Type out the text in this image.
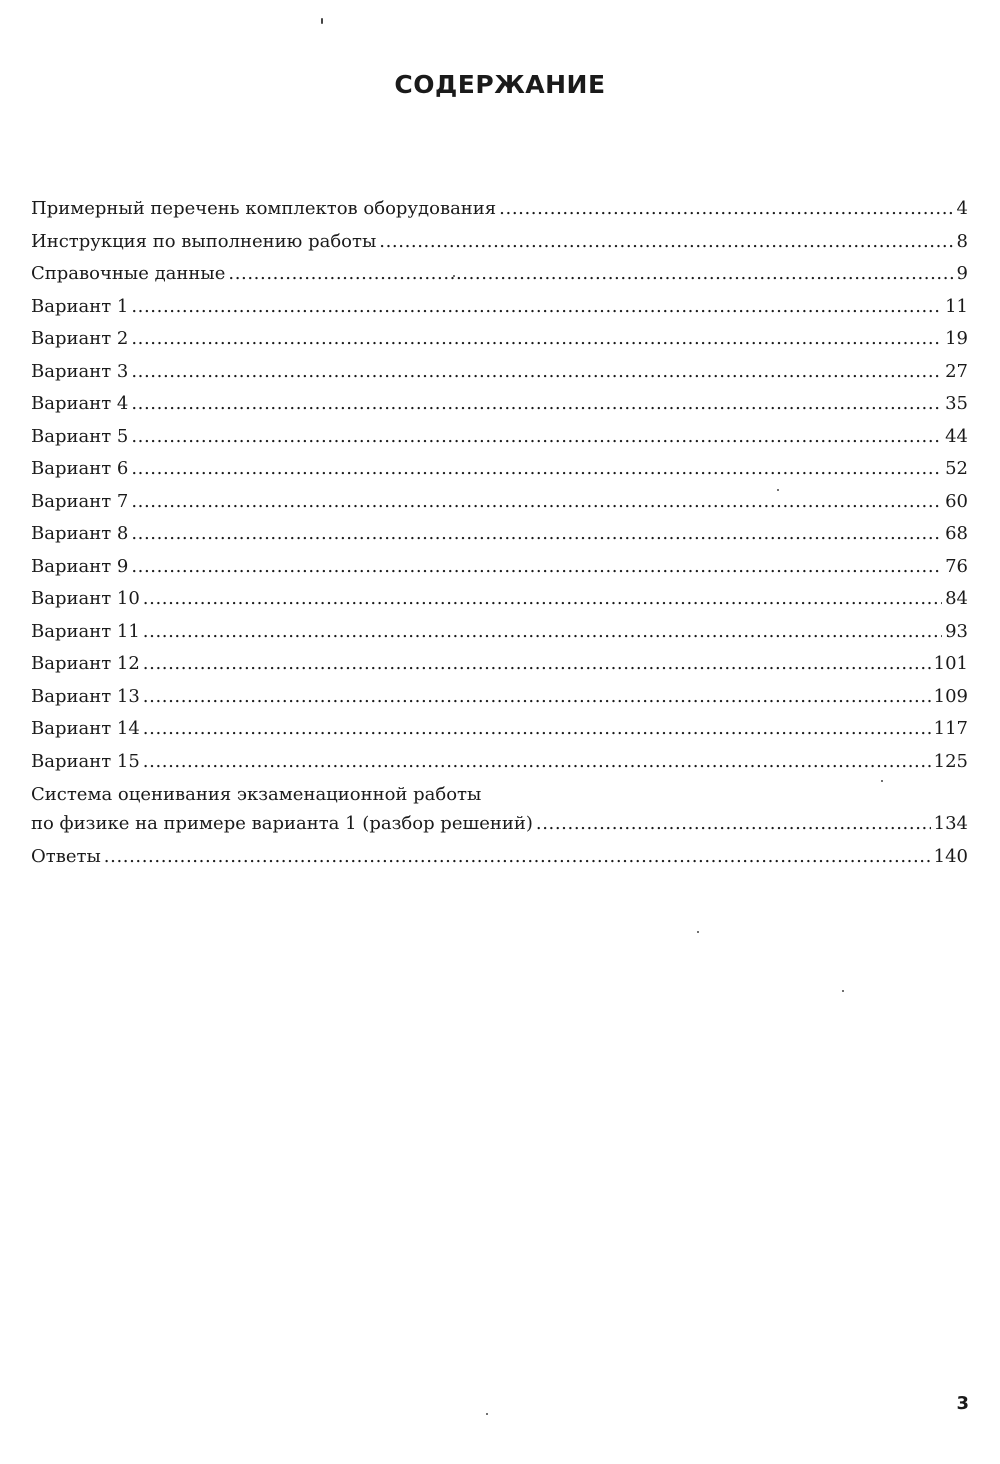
СОДЕРЖАНИЕ
Примерный перечень комплектов оборудования .....	4
Инструкция по выполнению работы .....	8
Справочные данные .....	9
Вариант 1 .....	11
Вариант 2 .....	19
Вариант 3 .....	27
Вариант 4 .....	35
Вариант 5 .....	44
Вариант 6 .....	52
Вариант 7 .....	60
Вариант 8 .....	68
Вариант 9 .....	76
Вариант 10 .....	84
Вариант 11 .....	93
Вариант 12 .....	101
Вариант 13 .....	109
Вариант 14 .....	117
Вариант 15 .....	125
Система оценивания экзаменационной работы
по физике на примере варианта 1 (разбор решений) .....	134
Ответы .....	140
3
